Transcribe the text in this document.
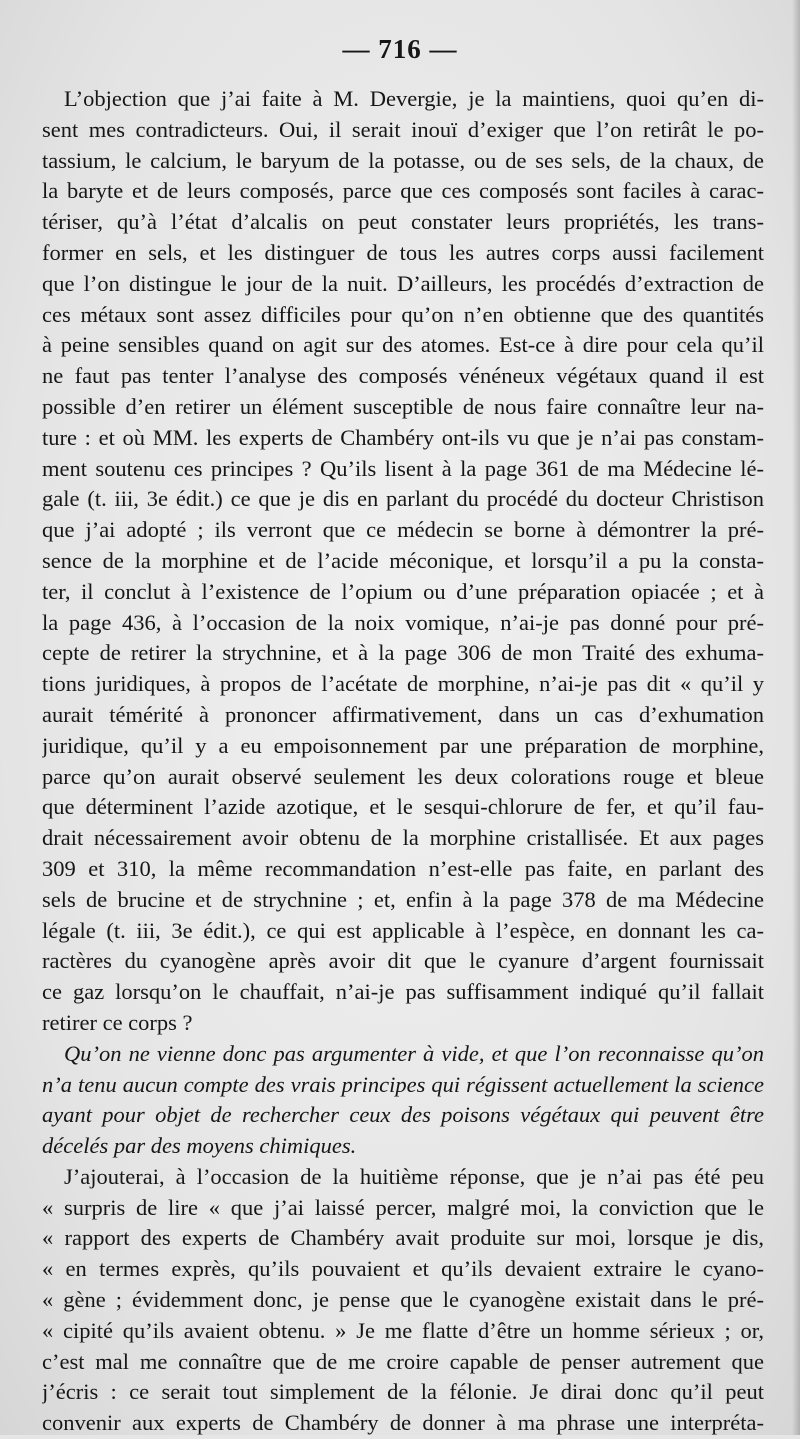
— 716 —
L’objection que j’ai faite à M. Devergie, je la maintiens, quoi qu’en di-
sent mes contradicteurs. Oui, il serait inouï d’exiger que l’on retirât le po-
tassium, le calcium, le baryum de la potasse, ou de ses sels, de la chaux, de
la baryte et de leurs composés, parce que ces composés sont faciles à carac-
tériser, qu’à l’état d’alcalis on peut constater leurs propriétés, les trans-
former en sels, et les distinguer de tous les autres corps aussi facilement
que l’on distingue le jour de la nuit. D’ailleurs, les procédés d’extraction de
ces métaux sont assez difficiles pour qu’on n’en obtienne que des quantités
à peine sensibles quand on agit sur des atomes. Est-ce à dire pour cela qu’il
ne faut pas tenter l’analyse des composés vénéneux végétaux quand il est
possible d’en retirer un élément susceptible de nous faire connaître leur na-
ture : et où MM. les experts de Chambéry ont-ils vu que je n’ai pas constam-
ment soutenu ces principes ? Qu’ils lisent à la page 361 de ma Médecine lé-
gale (t. iii, 3e édit.) ce que je dis en parlant du procédé du docteur Christison
que j’ai adopté ; ils verront que ce médecin se borne à démontrer la pré-
sence de la morphine et de l’acide méconique, et lorsqu’il a pu la consta-
ter, il conclut à l’existence de l’opium ou d’une préparation opiacée ; et à
la page 436, à l’occasion de la noix vomique, n’ai-je pas donné pour pré-
cepte de retirer la strychnine, et à la page 306 de mon Traité des exhuma-
tions juridiques, à propos de l’acétate de morphine, n’ai-je pas dit « qu’il y
aurait témérité à prononcer affirmativement, dans un cas d’exhumation
juridique, qu’il y a eu empoisonnement par une préparation de morphine,
parce qu’on aurait observé seulement les deux colorations rouge et bleue
que déterminent l’azide azotique, et le sesqui-chlorure de fer, et qu’il fau-
drait nécessairement avoir obtenu de la morphine cristallisée. Et aux pages
309 et 310, la même recommandation n’est-elle pas faite, en parlant des
sels de brucine et de strychnine ; et, enfin à la page 378 de ma Médecine
légale (t. iii, 3e édit.), ce qui est applicable à l’espèce, en donnant les ca-
ractères du cyanogène après avoir dit que le cyanure d’argent fournissait
ce gaz lorsqu’on le chauffait, n’ai-je pas suffisamment indiqué qu’il fallait
retirer ce corps ?
Qu’on ne vienne donc pas argumenter à vide, et que l’on reconnaisse qu’on
n’a tenu aucun compte des vrais principes qui régissent actuellement la science
ayant pour objet de rechercher ceux des poisons végétaux qui peuvent être
décelés par des moyens chimiques.
J’ajouterai, à l’occasion de la huitième réponse, que je n’ai pas été peu
« surpris de lire « que j’ai laissé percer, malgré moi, la conviction que le
« rapport des experts de Chambéry avait produite sur moi, lorsque je dis,
« en termes exprès, qu’ils pouvaient et qu’ils devaient extraire le cyano-
« gène ; évidemment donc, je pense que le cyanogène existait dans le pré-
« cipité qu’ils avaient obtenu. » Je me flatte d’être un homme sérieux ; or,
c’est mal me connaître que de me croire capable de penser autrement que
j’écris : ce serait tout simplement de la félonie. Je dirai donc qu’il peut
convenir aux experts de Chambéry de donner à ma phrase une interpréta-
